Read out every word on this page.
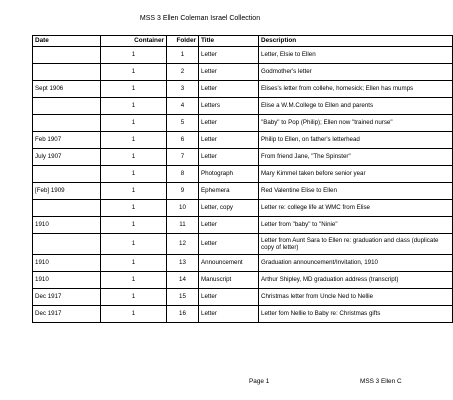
MSS 3 Ellen Coleman Israel Collection
Date	Container	Folder	Title	Description
	1	1	Letter	Letter, Elsie to Ellen
	1	2	Letter	Godmother's letter
Sept 1906	1	3	Letter	Elises's letter from collehe, homesick; Ellen has mumps
	1	4	Letters	Elise a W.M.College to Ellen and parents
	1	5	Letter	"Baby" to Pop (Philip); Ellen now "trained nurse"
Feb 1907	1	6	Letter	Philip to Ellen, on father's letterhead
July 1907	1	7	Letter	From friend Jane, "The Spinster"
	1	8	Photograph	Mary Kimmel taken before senior year
[Feb] 1909	1	9	Ephemera	Red Valentine Elise to Ellen
	1	10	Letter, copy	Letter re: college life at WMC from Elise
1910	1	11	Letter	Letter from "baby" to "Ninie"
	1	12	Letter	Letter from Aunt Sara to Ellen re: graduation and class (duplicate copy of letter)
1910	1	13	Announcement	Graduation announcement/Invitation, 1910
1910	1	14	Manuscript	Arthur Shipley, MD graduation address (transcript)
Dec 1917	1	15	Letter	Christmas letter from Uncle Ned to Nellie
Dec 1917	1	16	Letter	Letter fom Nellie to Baby re: Christmas gifts
Page 1	MSS 3 Ellen C
